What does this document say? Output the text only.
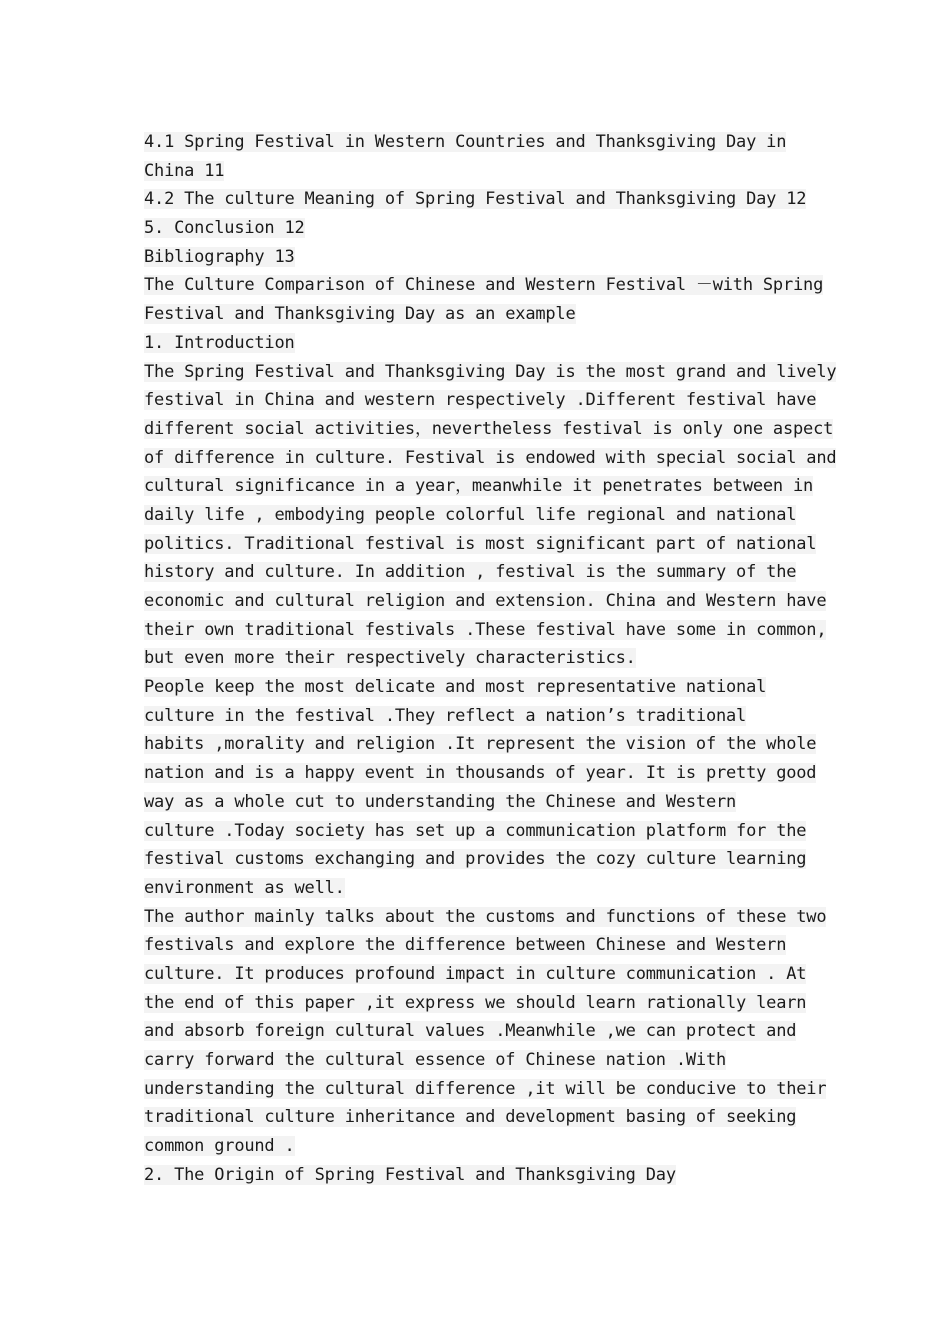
4.1 Spring Festival in Western Countries and Thanksgiving Day in
China 11
4.2 The culture Meaning of Spring Festival and Thanksgiving Day 12
5. Conclusion 12
Bibliography 13
The Culture Comparison of Chinese and Western Festival －with Spring
Festival and Thanksgiving Day as an example
1. Introduction
The Spring Festival and Thanksgiving Day is the most grand and lively
festival in China and western respectively .Different festival have
different social activities，nevertheless festival is only one aspect
of difference in culture. Festival is endowed with special social and
cultural significance in a year，meanwhile it penetrates between in
daily life , embodying people colorful life regional and national
politics. Traditional festival is most significant part of national
history and culture. In addition , festival is the summary of the
economic and cultural religion and extension. China and Western have
their own traditional festivals .These festival have some in common,
but even more their respectively characteristics.
People keep the most delicate and most representative national
culture in the festival .They reflect a nation’s traditional
habits ,morality and religion .It represent the vision of the whole
nation and is a happy event in thousands of year. It is pretty good
way as a whole cut to understanding the Chinese and Western
culture .Today society has set up a communication platform for the
festival customs exchanging and provides the cozy culture learning
environment as well.
The author mainly talks about the customs and functions of these two
festivals and explore the difference between Chinese and Western
culture. It produces profound impact in culture communication . At
the end of this paper ,it express we should learn rationally learn
and absorb foreign cultural values .Meanwhile ,we can protect and
carry forward the cultural essence of Chinese nation .With
understanding the cultural difference ,it will be conducive to their
traditional culture inheritance and development basing of seeking
common ground .
2. The Origin of Spring Festival and Thanksgiving Day
